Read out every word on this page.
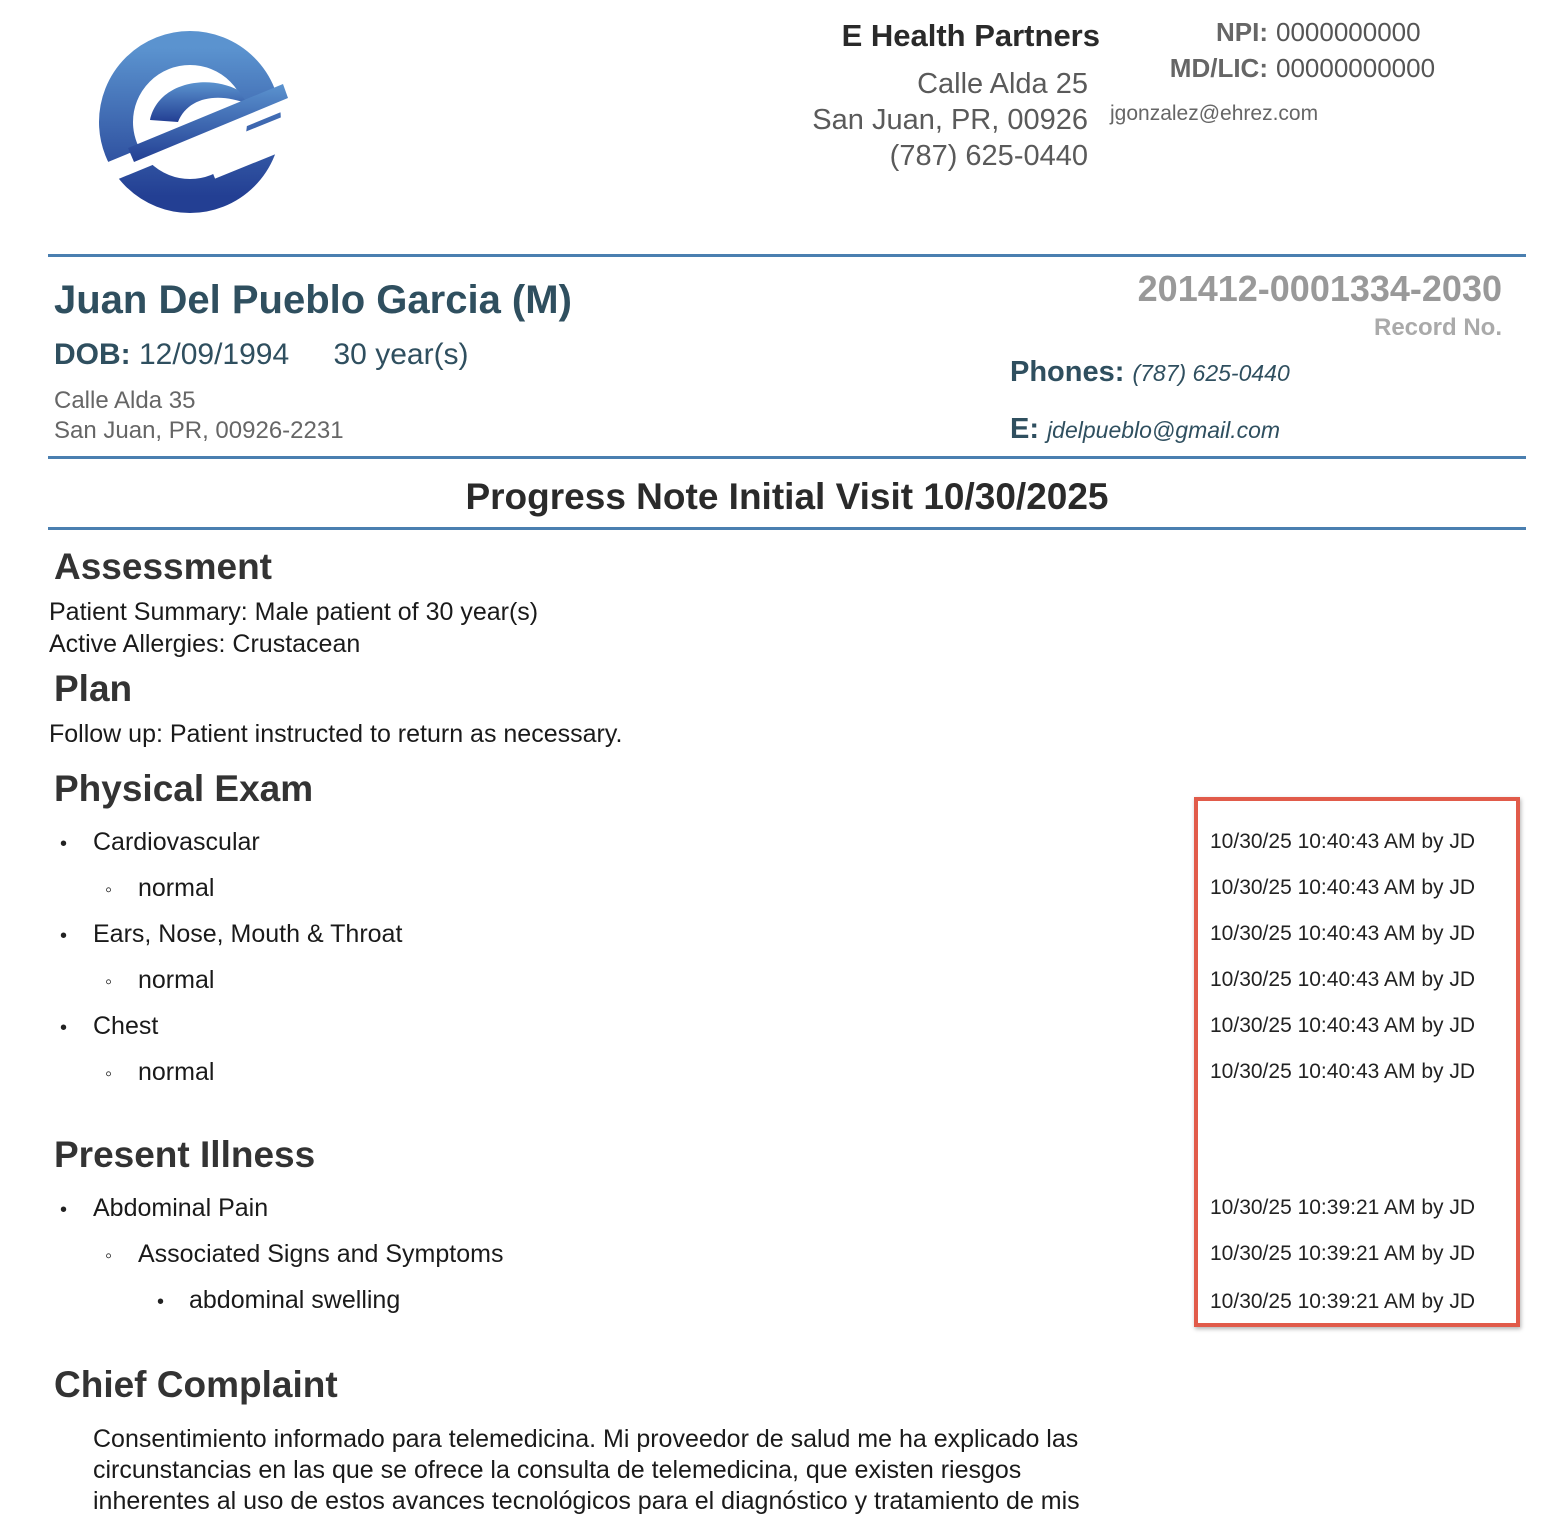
E Health Partners
Calle Alda 25
San Juan, PR, 00926
(787) 625-0440
NPI: 0000000000
MD/LIC: 00000000000
jgonzalez@ehrez.com
Juan Del Pueblo Garcia (M)
DOB: 12/09/1994 30 year(s)
Calle Alda 35
San Juan, PR, 00926-2231
201412-0001334-2030
Record No.
Phones: (787) 625-0440
E: jdelpueblo@gmail.com
Progress Note Initial Visit 10/30/2025
Assessment
Patient Summary: Male patient of 30 year(s)
Active Allergies: Crustacean
Plan
Follow up: Patient instructed to return as necessary.
Physical Exam
• Cardiovascular
◦ normal
• Ears, Nose, Mouth & Throat
◦ normal
• Chest
◦ normal
Present Illness
• Abdominal Pain
◦ Associated Signs and Symptoms
• abdominal swelling
10/30/25 10:40:43 AM by JD
10/30/25 10:40:43 AM by JD
10/30/25 10:40:43 AM by JD
10/30/25 10:40:43 AM by JD
10/30/25 10:40:43 AM by JD
10/30/25 10:40:43 AM by JD
10/30/25 10:39:21 AM by JD
10/30/25 10:39:21 AM by JD
10/30/25 10:39:21 AM by JD
Chief Complaint
Consentimiento informado para telemedicina. Mi proveedor de salud me ha explicado las
circunstancias en las que se ofrece la consulta de telemedicina, que existen riesgos
inherentes al uso de estos avances tecnológicos para el diagnóstico y tratamiento de mis
